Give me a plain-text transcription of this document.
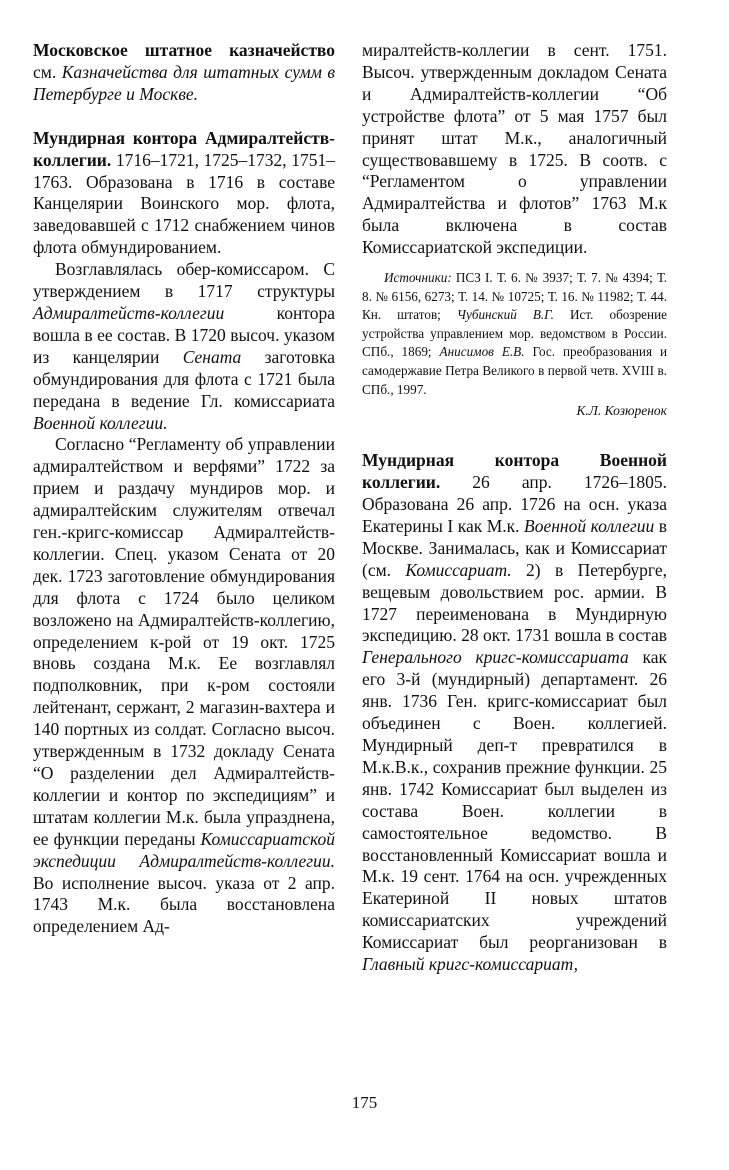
Московское штатное казначейство см. Казначейства для штатных сумм в Петербурге и Москве.

Мундирная контора Адмиралтейств-коллегии. 1716–1721, 1725–1732, 1751–1763. Образована в 1716 в составе Канцелярии Воинского мор. флота, заведовавшей с 1712 снабжением чинов флота обмундированием.

Возглавлялась обер-комиссаром. С утверждением в 1717 структуры Адмиралтейств-коллегии	контора вошла в ее состав. В 1720 высоч. указом из канцелярии Сената заготовка обмундирования для флота с 1721 была передана в ведение Гл. комиссариата Военной коллегии.

Согласно “Регламенту об управлении адмиралтейством и верфями” 1722 за прием и раздачу мундиров мор. и адмиралтейским служителям отвечал ген.-кригс-комиссар Адмиралтейств-коллегии. Спец. указом Сената от 20 дек. 1723 заготовление обмундирования для флота с 1724 было целиком возложено на Адмиралтейств-коллегию, определением к-рой от 19 окт. 1725 вновь создана М.к. Ее возглавлял подполковник, при к-ром состояли лейтенант, сержант, 2 магазин-вахтера и 140 портных из солдат. Согласно высоч. утвержденным в 1732 докладу Сената “О разделении дел Адмиралтейств-коллегии и контор по экспедициям” и штатам коллегии М.к. была упразднена, ее функции переданы Комиссариатской экспедиции Адмиралтейств-коллегии. Во исполнение высоч. указа от 2 апр. 1743 М.к. была восстановлена определением Ад-

миралтейств-коллегии в сент. 1751. Высоч. утвержденным докладом Сената и Адмиралтейств-коллегии “Об устройстве флота” от 5 мая 1757 был принят штат М.к., аналогичный существовавшему в 1725. В соотв. с “Регламентом о управлении Адмиралтейства и флотов” 1763 М.к была включена в состав Комиссариатской экспедиции.

Источники: ПСЗ I. Т. 6. № 3937; Т. 7. № 4394; Т. 8. № 6156, 6273; Т. 14. № 10725; Т. 16. № 11982; Т. 44. Кн. штатов; Чубинский В.Г. Ист. обозрение устройства управлением мор. ведомством в России. СПб., 1869; Анисимов Е.В. Гос. преобразования и самодержавие Петра Великого в первой четв. XVIII в. СПб., 1997.

К.Л. Козюренок

Мундирная контора Военной коллегии. 26 апр. 1726–1805. Образована 26 апр. 1726 на осн. указа Екатерины I как М.к. Военной коллегии в Москве. Занималась, как и Комиссариат (см. Комиссариат. 2) в Петербурге, вещевым довольствием рос. армии. В 1727 переименована в Мундирную экспедицию. 28 окт. 1731 вошла в состав Генерального кригс-комиссариата как его 3-й (мундирный) департамент. 26 янв. 1736 Ген. кригс-комиссариат был объединен с Воен. коллегией. Мундирный деп-т превратился в М.к.В.к., сохранив прежние функции. 25 янв. 1742 Комиссариат был выделен из состава Воен. коллегии в самостоятельное ведомство. В восстановленный Комиссариат вошла и М.к. 19 сент. 1764 на осн. учрежденных Екатериной II новых штатов комиссариатских учреждений Комиссариат был реорганизован в Главный кригс-комиссариат,

175
